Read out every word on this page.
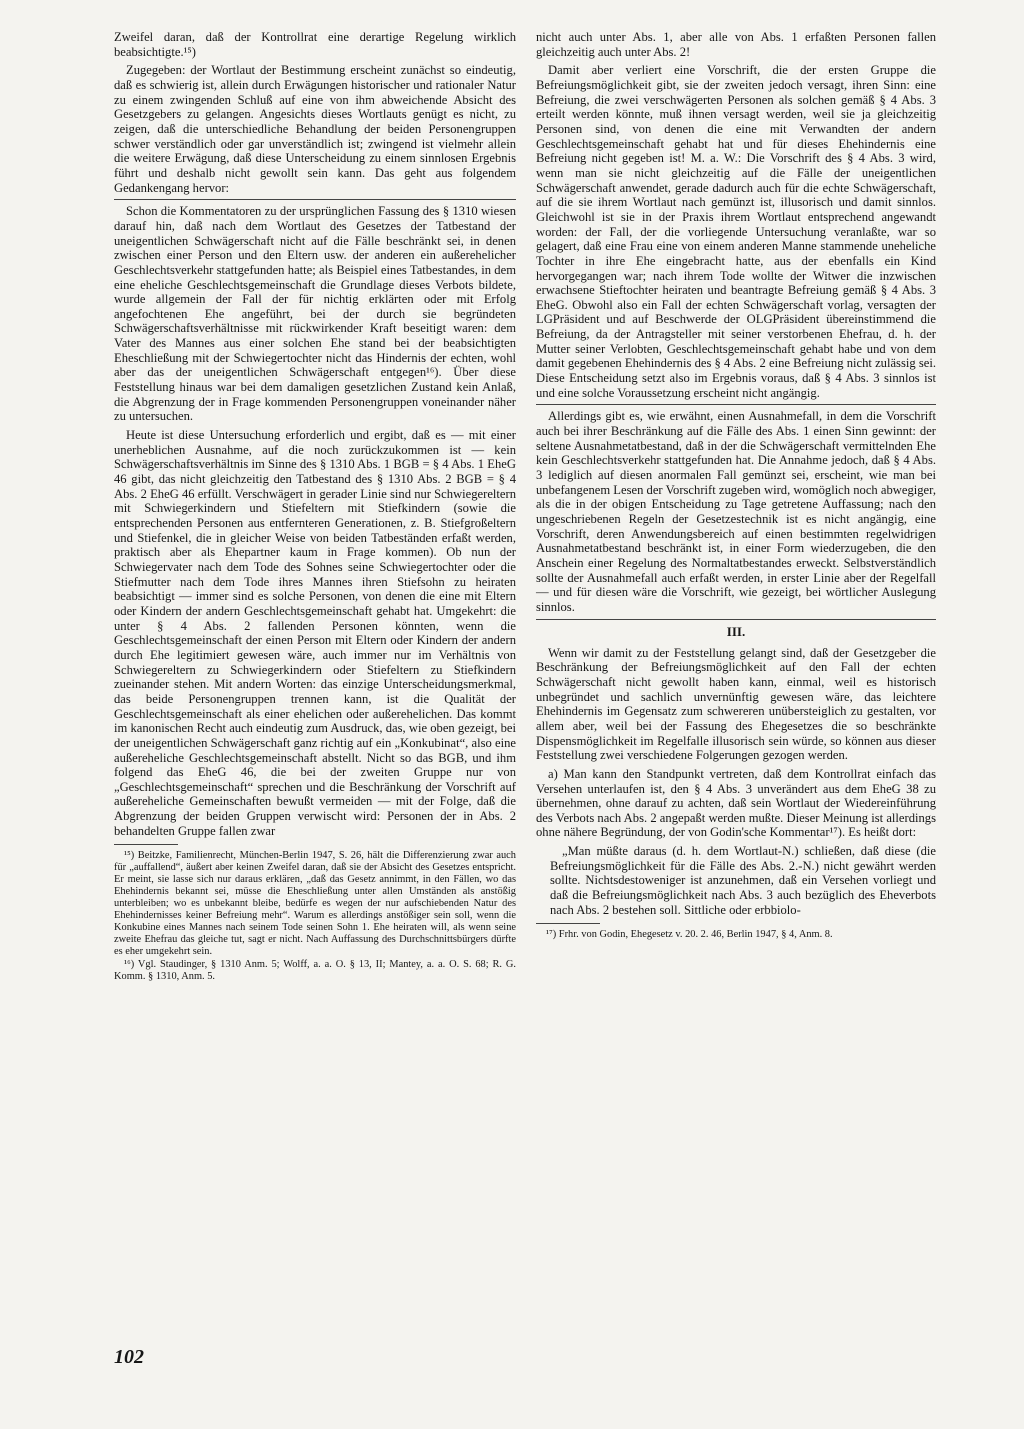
Zweifel daran, daß der Kontrollrat eine derartige Regelung wirklich beabsichtigte.¹⁵)

Zugegeben: der Wortlaut der Bestimmung erscheint zunächst so eindeutig, daß es schwierig ist, allein durch Erwägungen historischer und rationaler Natur zu einem zwingenden Schluß auf eine von ihm abweichende Absicht des Gesetzgebers zu gelangen. Angesichts dieses Wortlauts genügt es nicht, zu zeigen, daß die unterschiedliche Behandlung der beiden Personengruppen schwer verständlich oder gar unverständlich ist; zwingend ist vielmehr allein die weitere Erwägung, daß diese Unterscheidung zu einem sinnlosen Ergebnis führt und deshalb nicht gewollt sein kann. Das geht aus folgendem Gedankengang hervor:

Schon die Kommentatoren zu der ursprünglichen Fassung des § 1310 wiesen darauf hin, daß nach dem Wortlaut des Gesetzes der Tatbestand der uneigentlichen Schwägerschaft nicht auf die Fälle beschränkt sei, in denen zwischen einer Person und den Eltern usw. der anderen ein außerehelicher Geschlechtsverkehr stattgefunden hatte; als Beispiel eines Tatbestandes, in dem eine eheliche Geschlechtsgemeinschaft die Grundlage dieses Verbots bildete, wurde allgemein der Fall der für nichtig erklärten oder mit Erfolg angefochtenen Ehe angeführt, bei der durch sie begründeten Schwägerschaftsverhältnisse mit rückwirkender Kraft beseitigt waren: dem Vater des Mannes aus einer solchen Ehe stand bei der beabsichtigten Eheschließung mit der Schwiegertochter nicht das Hindernis der echten, wohl aber das der uneigentlichen Schwägerschaft entgegen¹⁶). Über diese Feststellung hinaus war bei dem damaligen gesetzlichen Zustand kein Anlaß, die Abgrenzung der in Frage kommenden Personengruppen voneinander näher zu untersuchen.

Heute ist diese Untersuchung erforderlich und ergibt, daß es — mit einer unerheblichen Ausnahme, auf die noch zurückzukommen ist — kein Schwägerschaftsverhältnis im Sinne des § 1310 Abs. 1 BGB = § 4 Abs. 1 EheG 46 gibt, das nicht gleichzeitig den Tatbestand des § 1310 Abs. 2 BGB = § 4 Abs. 2 EheG 46 erfüllt. Verschwägert in gerader Linie sind nur Schwiegereltern mit Schwiegerkindern und Stiefeltern mit Stiefkindern (sowie die entsprechenden Personen aus entfernteren Generationen, z. B. Stiefgroßeltern und Stiefenkel, die in gleicher Weise von beiden Tatbeständen erfaßt werden, praktisch aber als Ehepartner kaum in Frage kommen). Ob nun der Schwiegervater nach dem Tode des Sohnes seine Schwiegertochter oder die Stiefmutter nach dem Tode ihres Mannes ihren Stiefsohn zu heiraten beabsichtigt — immer sind es solche Personen, von denen die eine mit Eltern oder Kindern der andern Geschlechtsgemeinschaft gehabt hat. Umgekehrt: die unter § 4 Abs. 2 fallenden Personen könnten, wenn die Geschlechtsgemeinschaft der einen Person mit Eltern oder Kindern der andern durch Ehe legitimiert gewesen wäre, auch immer nur im Verhältnis von Schwiegereltern zu Schwiegerkindern oder Stiefeltern zu Stiefkindern zueinander stehen. Mit andern Worten: das einzige Unterscheidungsmerkmal, das beide Personengruppen trennen kann, ist die Qualität der Geschlechtsgemeinschaft als einer ehelichen oder außerehelichen. Das kommt im kanonischen Recht auch eindeutig zum Ausdruck, das, wie oben gezeigt, bei der uneigentlichen Schwägerschaft ganz richtig auf ein „Konkubinat“, also eine außereheliche Geschlechtsgemeinschaft abstellt. Nicht so das BGB, und ihm folgend das EheG 46, die bei der zweiten Gruppe nur von „Geschlechtsgemeinschaft“ sprechen und die Beschränkung der Vorschrift auf außereheliche Gemeinschaften bewußt vermeiden — mit der Folge, daß die Abgrenzung der beiden Gruppen verwischt wird: Personen der in Abs. 2 behandelten Gruppe fallen zwar

¹⁵) Beitzke, Familienrecht, München-Berlin 1947, S. 26, hält die Differenzierung zwar auch für „auffallend“, äußert aber keinen Zweifel daran, daß sie der Absicht des Gesetzes entspricht. Er meint, sie lasse sich nur daraus erklären, „daß das Gesetz annimmt, in den Fällen, wo das Ehehindernis bekannt sei, müsse die Eheschließung unter allen Umständen als anstößig unterbleiben; wo es unbekannt bleibe, bedürfe es wegen der nur aufschiebenden Natur des Ehehindernisses keiner Befreiung mehr“. Warum es allerdings anstößiger sein soll, wenn die Konkubine eines Mannes nach seinem Tode seinen Sohn 1. Ehe heiraten will, als wenn seine zweite Ehefrau das gleiche tut, sagt er nicht. Nach Auffassung des Durchschnittsbürgers dürfte es eher umgekehrt sein.

¹⁶) Vgl. Staudinger, § 1310 Anm. 5; Wolff, a. a. O. § 13, II; Mantey, a. a. O. S. 68; R. G. Komm. § 1310, Anm. 5.

nicht auch unter Abs. 1, aber alle von Abs. 1 erfaßten Personen fallen gleichzeitig auch unter Abs. 2!

Damit aber verliert eine Vorschrift, die der ersten Gruppe die Befreiungsmöglichkeit gibt, sie der zweiten jedoch versagt, ihren Sinn: eine Befreiung, die zwei verschwägerten Personen als solchen gemäß § 4 Abs. 3 erteilt werden könnte, muß ihnen versagt werden, weil sie ja gleichzeitig Personen sind, von denen die eine mit Verwandten der andern Geschlechtsgemeinschaft gehabt hat und für dieses Ehehindernis eine Befreiung nicht gegeben ist! M. a. W.: Die Vorschrift des § 4 Abs. 3 wird, wenn man sie nicht gleichzeitig auf die Fälle der uneigentlichen Schwägerschaft anwendet, gerade dadurch auch für die echte Schwägerschaft, auf die sie ihrem Wortlaut nach gemünzt ist, illusorisch und damit sinnlos. Gleichwohl ist sie in der Praxis ihrem Wortlaut entsprechend angewandt worden: der Fall, der die vorliegende Untersuchung veranlaßte, war so gelagert, daß eine Frau eine von einem anderen Manne stammende uneheliche Tochter in ihre Ehe eingebracht hatte, aus der ebenfalls ein Kind hervorgegangen war; nach ihrem Tode wollte der Witwer die inzwischen erwachsene Stieftochter heiraten und beantragte Befreiung gemäß § 4 Abs. 3 EheG. Obwohl also ein Fall der echten Schwägerschaft vorlag, versagten der LGPräsident und auf Beschwerde der OLGPräsident übereinstimmend die Befreiung, da der Antragsteller mit seiner verstorbenen Ehefrau, d. h. der Mutter seiner Verlobten, Geschlechtsgemeinschaft gehabt habe und von dem damit gegebenen Ehehindernis des § 4 Abs. 2 eine Befreiung nicht zulässig sei. Diese Entscheidung setzt also im Ergebnis voraus, daß § 4 Abs. 3 sinnlos ist und eine solche Voraussetzung erscheint nicht angängig.

Allerdings gibt es, wie erwähnt, einen Ausnahmefall, in dem die Vorschrift auch bei ihrer Beschränkung auf die Fälle des Abs. 1 einen Sinn gewinnt: der seltene Ausnahmetatbestand, daß in der die Schwägerschaft vermittelnden Ehe kein Geschlechtsverkehr stattgefunden hat. Die Annahme jedoch, daß § 4 Abs. 3 lediglich auf diesen anormalen Fall gemünzt sei, erscheint, wie man bei unbefangenem Lesen der Vorschrift zugeben wird, womöglich noch abwegiger, als die in der obigen Entscheidung zu Tage getretene Auffassung; nach den ungeschriebenen Regeln der Gesetzestechnik ist es nicht angängig, eine Vorschrift, deren Anwendungsbereich auf einen bestimmten regelwidrigen Ausnahmetatbestand beschränkt ist, in einer Form wiederzugeben, die den Anschein einer Regelung des Normaltatbestandes erweckt. Selbstverständlich sollte der Ausnahmefall auch erfaßt werden, in erster Linie aber der Regelfall — und für diesen wäre die Vorschrift, wie gezeigt, bei wörtlicher Auslegung sinnlos.

III.

Wenn wir damit zu der Feststellung gelangt sind, daß der Gesetzgeber die Beschränkung der Befreiungsmöglichkeit auf den Fall der echten Schwägerschaft nicht gewollt haben kann, einmal, weil es historisch unbegründet und sachlich unvernünftig gewesen wäre, das leichtere Ehehindernis im Gegensatz zum schwereren unübersteiglich zu gestalten, vor allem aber, weil bei der Fassung des Ehegesetzes die so beschränkte Dispensmöglichkeit im Regelfalle illusorisch sein würde, so können aus dieser Feststellung zwei verschiedene Folgerungen gezogen werden.

a) Man kann den Standpunkt vertreten, daß dem Kontrollrat einfach das Versehen unterlaufen ist, den § 4 Abs. 3 unverändert aus dem EheG 38 zu übernehmen, ohne darauf zu achten, daß sein Wortlaut der Wiedereinführung des Verbots nach Abs. 2 angepaßt werden mußte. Dieser Meinung ist allerdings ohne nähere Begründung, der von Godin'sche Kommentar¹⁷). Es heißt dort:

„Man müßte daraus (d. h. dem Wortlaut-N.) schließen, daß diese (die Befreiungsmöglichkeit für die Fälle des Abs. 2.-N.) nicht gewährt werden sollte. Nichtsdestoweniger ist anzunehmen, daß ein Versehen vorliegt und daß die Befreiungsmöglichkeit nach Abs. 3 auch bezüglich des Eheverbots nach Abs. 2 bestehen soll. Sittliche oder erbbiolo-

¹⁷) Frhr. von Godin, Ehegesetz v. 20. 2. 46, Berlin 1947, § 4, Anm. 8.

102
